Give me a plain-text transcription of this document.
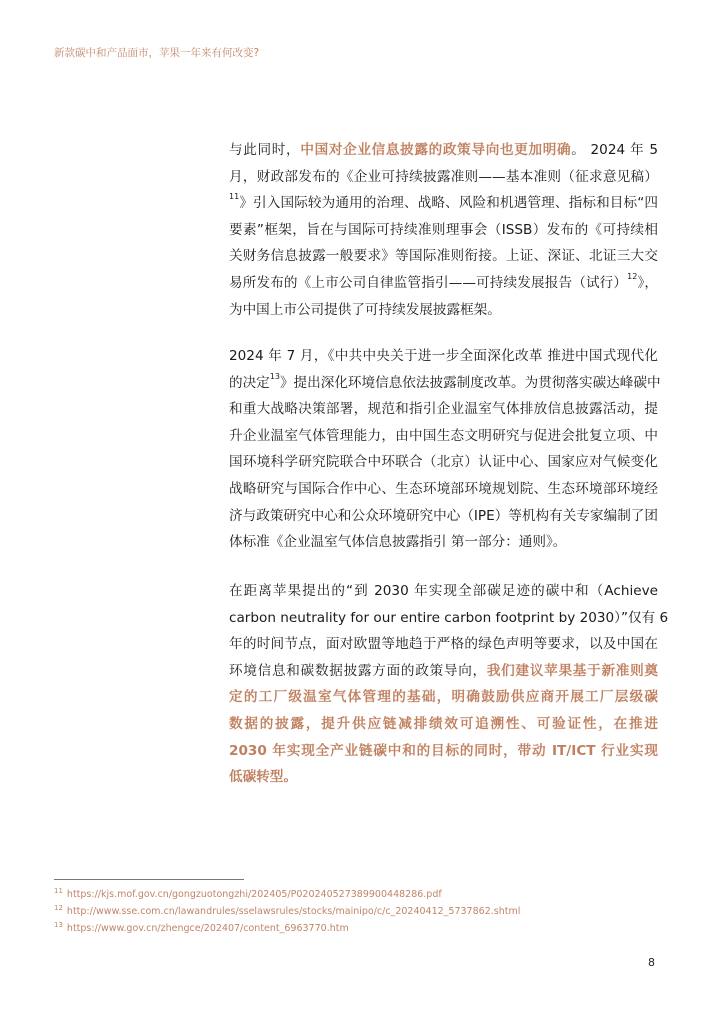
新款碳中和产品面市，苹果一年来有何改变?
与此同时，中国对企业信息披露的政策导向也更加明确。 2024 年 5
月，财政部发布的《企业可持续披露准则——基本准则（征求意见稿）
$^{11}$》引入国际较为通用的治理、战略、风险和机遇管理、指标和目标“四
要素”框架，旨在与国际可持续准则理事会（ISSB）发布的《可持续相
关财务信息披露一般要求》等国际准则衔接。上证、深证、北证三大交
易所发布的《上市公司自律监管指引——可持续发展报告（试行）$^{12}$》，
为中国上市公司提供了可持续发展披露框架。
2024 年 7 月，《中共中央关于进一步全面深化改革 推进中国式现代化
的决定$^{13}$》提出深化环境信息依法披露制度改革。为贯彻落实碳达峰碳中
和重大战略决策部署，规范和指引企业温室气体排放信息披露活动，提
升企业温室气体管理能力，由中国生态文明研究与促进会批复立项、中
国环境科学研究院联合中环联合（北京）认证中心、国家应对气候变化
战略研究与国际合作中心、生态环境部环境规划院、生态环境部环境经
济与政策研究中心和公众环境研究中心（IPE）等机构有关专家编制了团
体标准《企业温室气体信息披露指引 第一部分：通则》。
在距离苹果提出的“到 2030 年实现全部碳足迹的碳中和（Achieve
carbon neutrality for our entire carbon footprint by 2030）”仅有 6
年的时间节点，面对欧盟等地趋于严格的绿色声明等要求，以及中国在
环境信息和碳数据披露方面的政策导向，我们建议苹果基于新准则奠
定的工厂级温室气体管理的基础，明确鼓励供应商开展工厂层级碳
数据的披露，提升供应链减排绩效可追溯性、可验证性，在推进
2030 年实现全产业链碳中和的目标的同时，带动 IT/ICT 行业实现
低碳转型。
$^{11}$ https://kjs.mof.gov.cn/gongzuotongzhi/202405/P020240527389900448286.pdf
$^{12}$ http://www.sse.com.cn/lawandrules/sselawsrules/stocks/mainipo/c/c_20240412_5737862.shtml
$^{13}$ https://www.gov.cn/zhengce/202407/content_6963770.htm
8
